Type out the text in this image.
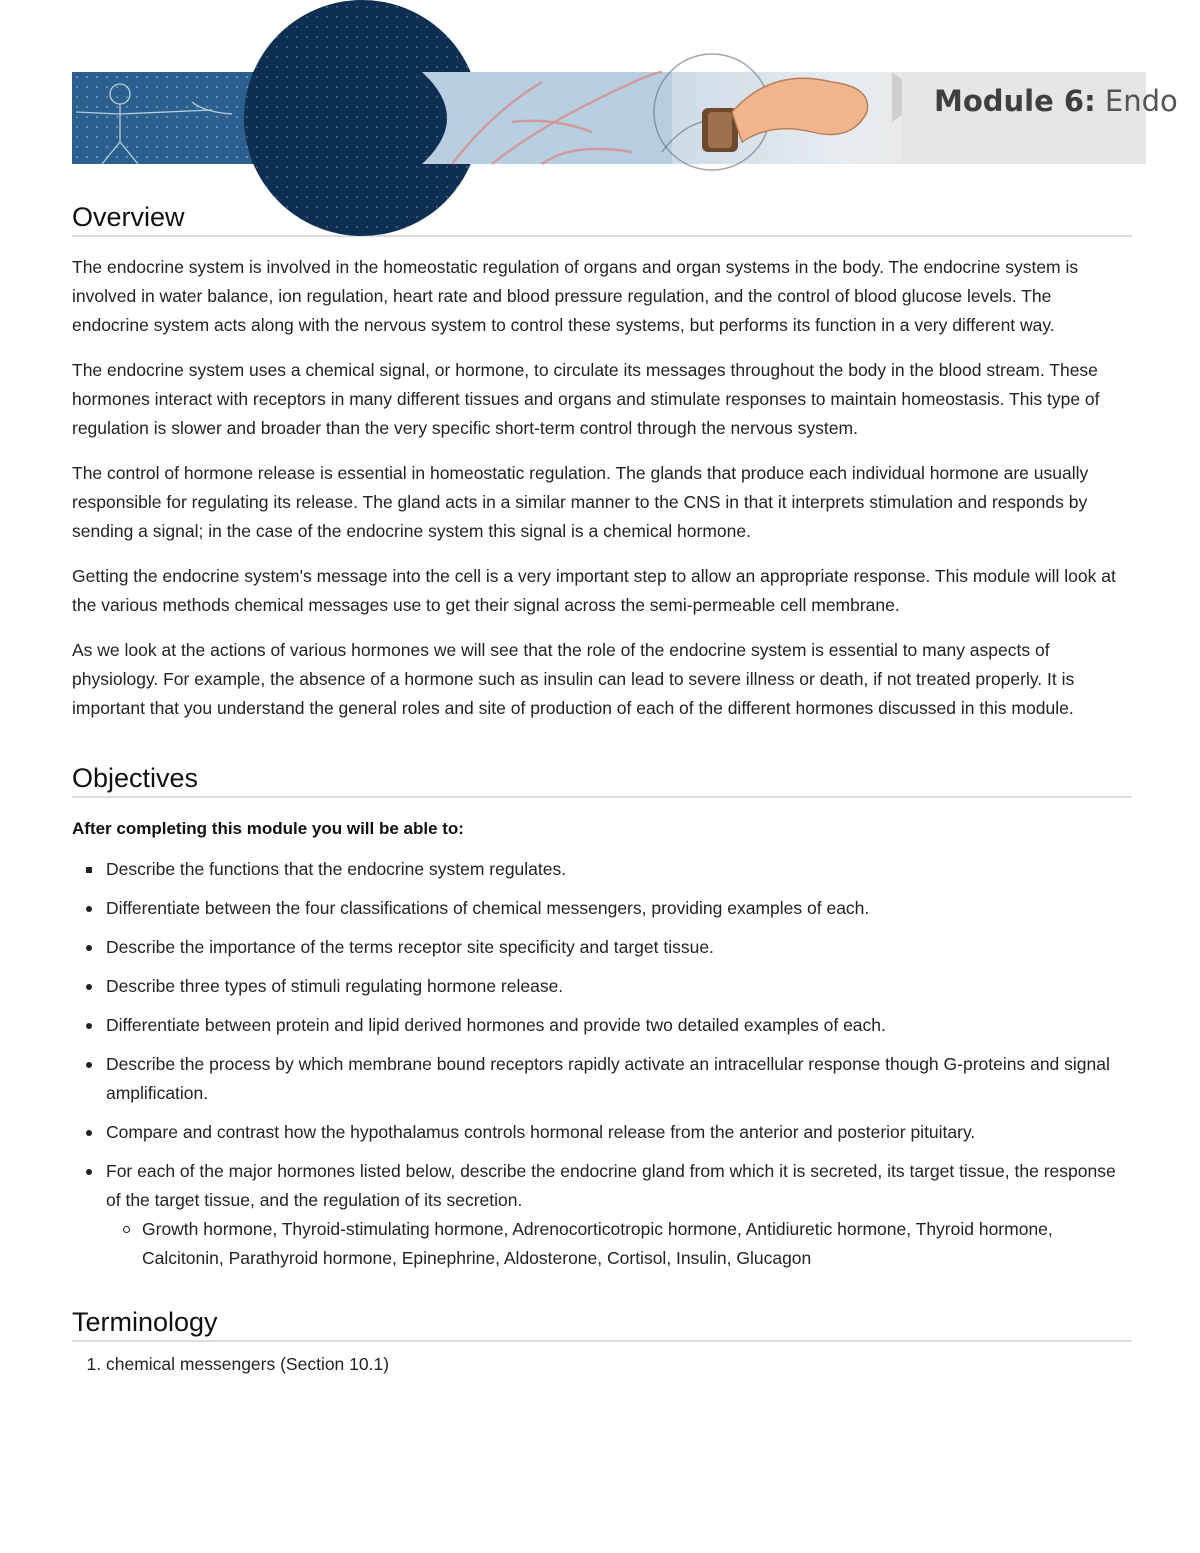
Module 6: Endo
Overview

The endocrine system is involved in the homeostatic regulation of organs and organ systems in the body. The endocrine system is involved in water balance, ion regulation, heart rate and blood pressure regulation, and the control of blood glucose levels. The endocrine system acts along with the nervous system to control these systems, but performs its function in a very different way.

The endocrine system uses a chemical signal, or hormone, to circulate its messages throughout the body in the blood stream. These hormones interact with receptors in many different tissues and organs and stimulate responses to maintain homeostasis. This type of regulation is slower and broader than the very specific short-term control through the nervous system.

The control of hormone release is essential in homeostatic regulation. The glands that produce each individual hormone are usually responsible for regulating its release. The gland acts in a similar manner to the CNS in that it interprets stimulation and responds by sending a signal; in the case of the endocrine system this signal is a chemical hormone.

Getting the endocrine system's message into the cell is a very important step to allow an appropriate response. This module will look at the various methods chemical messages use to get their signal across the semi-permeable cell membrane.

As we look at the actions of various hormones we will see that the role of the endocrine system is essential to many aspects of physiology. For example, the absence of a hormone such as insulin can lead to severe illness or death, if not treated properly. It is important that you understand the general roles and site of production of each of the different hormones discussed in this module.

Objectives

After completing this module you will be able to:

Describe the functions that the endocrine system regulates.
Differentiate between the four classifications of chemical messengers, providing examples of each.
Describe the importance of the terms receptor site specificity and target tissue.
Describe three types of stimuli regulating hormone release.
Differentiate between protein and lipid derived hormones and provide two detailed examples of each.
Describe the process by which membrane bound receptors rapidly activate an intracellular response though G-proteins and signal amplification.
Compare and contrast how the hypothalamus controls hormonal release from the anterior and posterior pituitary.
For each of the major hormones listed below, describe the endocrine gland from which it is secreted, its target tissue, the response of the target tissue, and the regulation of its secretion.
Growth hormone, Thyroid-stimulating hormone, Adrenocorticotropic hormone, Antidiuretic hormone, Thyroid hormone, Calcitonin, Parathyroid hormone, Epinephrine, Aldosterone, Cortisol, Insulin, Glucagon
Terminology
1. chemical messengers (Section 10.1)
